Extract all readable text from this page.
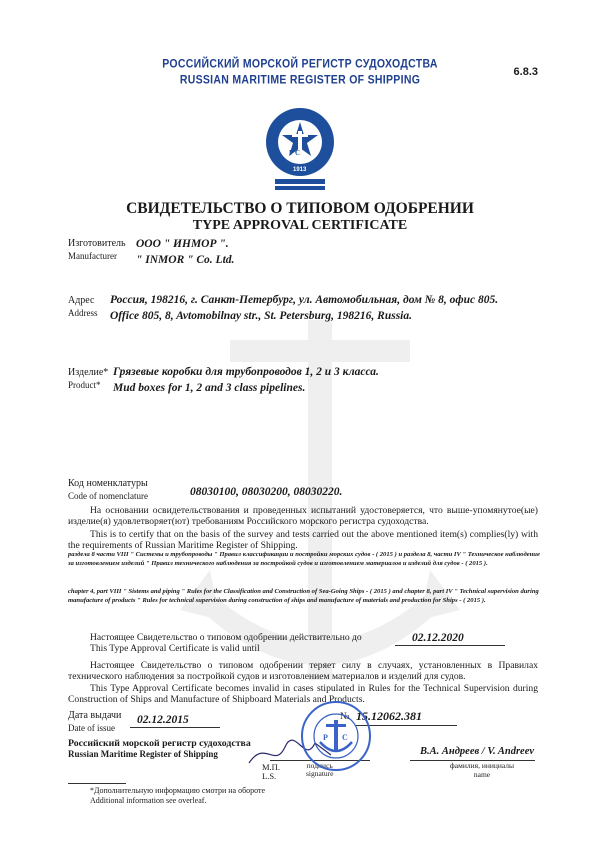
РОССИЙСКИЙ МОРСКОЙ РЕГИСТР СУДОХОДСТВА
RUSSIAN MARITIME REGISTER OF SHIPPING
6.8.3
Р С
1913
СВИДЕТЕЛЬСТВО О ТИПОВОМ ОДОБРЕНИИ
TYPE APPROVAL CERTIFICATE
Изготовитель
Manufacturer
ООО " ИНМОР ".
" INMOR " Co. Ltd.
Адрес
Address
Россия, 198216, г. Санкт-Петербург, ул. Автомобильная, дом № 8, офис 805.
Office 805, 8, Avtomobilnay str., St. Petersburg, 198216, Russia.
Изделие*
Product*
Грязевые коробки для трубопроводов 1, 2 и 3 класса.
Mud boxes for 1, 2 and 3 class pipelines.
Код номенклатуры
Code of nomenclature	08030100, 08030200, 08030220.
На основании освидетельствования и проведенных испытаний удостоверяется, что выше-упомянутое(ые) изделие(я) удовлетворяет(ют) требованиям Российского морского регистра судоходства.
This is to certify that on the basis of the survey and tests carried out the above mentioned item(s) complies(ly) with the requirements of Russian Maritime Register of Shipping.
раздела 8 части VIII " Системы и трубопроводы " Правил классификации и постройки морских судов - ( 2015 ) и раздела 8, части IV " Техническое наблюдение за изготовлением изделий " Правил технического наблюдения за постройкой судов и изготовлением материалов и изделий для судов - ( 2015 ).
chapter 4, part VIII " Sistems and piping " Rules for the Classification and Construction of Sea-Going Ships - ( 2015 ) and chapter 8, part IV " Technical supervision during manufacture of products " Rules for technical supervision during construction of ships and manufacture of materials and production for Ships - ( 2015 ).
Настоящее Свидетельство о типовом одобрении действительно до
This Type Approval Certificate is valid until
02.12.2020
Настоящее Свидетельство о типовом одобрении теряет силу в случаях, установленных в Правилах технического наблюдения за постройкой судов и изготовлением материалов и изделий для судов.
This Type Approval Certificate becomes invalid in cases stipulated in Rules for the Technical Supervision during Construction of Ships and Manufacture of Shipboard Materials and Products.
Дата выдачи
Date of issue
02.12.2015	№ 15.12062.381
Российский морской регистр судоходства
Russian Maritime Register of Shipping
подпись
signature
М.П.
L.S.
В.А. Андреев / V. Andreev
фамилия, инициалы
name
Р С
*Дополнительную информацию смотри на обороте
Additional information see overleaf.
